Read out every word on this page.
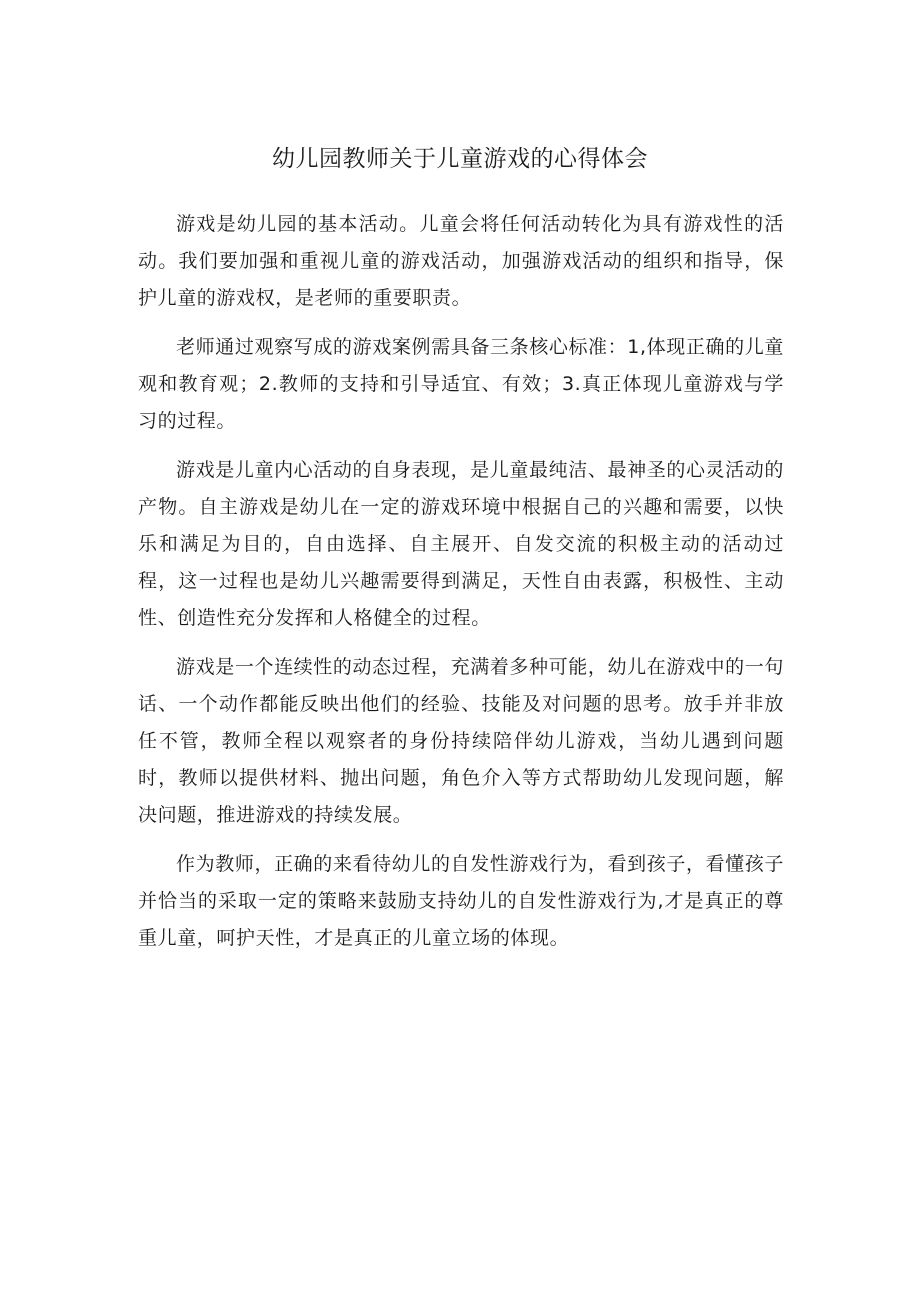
幼儿园教师关于儿童游戏的心得体会

游戏是幼儿园的基本活动。儿童会将任何活动转化为具有游戏性的活动。我们要加强和重视儿童的游戏活动，加强游戏活动的组织和指导，保护儿童的游戏权，是老师的重要职责。

老师通过观察写成的游戏案例需具备三条核心标准：1,体现正确的儿童观和教育观；2.教师的支持和引导适宜、有效；3.真正体现儿童游戏与学习的过程。

游戏是儿童内心活动的自身表现，是儿童最纯洁、最神圣的心灵活动的产物。自主游戏是幼儿在一定的游戏环境中根据自己的兴趣和需要，以快乐和满足为目的，自由选择、自主展开、自发交流的积极主动的活动过程，这一过程也是幼儿兴趣需要得到满足，天性自由表露，积极性、主动性、创造性充分发挥和人格健全的过程。

游戏是一个连续性的动态过程，充满着多种可能，幼儿在游戏中的一句话、一个动作都能反映出他们的经验、技能及对问题的思考。放手并非放任不管，教师全程以观察者的身份持续陪伴幼儿游戏，当幼儿遇到问题时，教师以提供材料、抛出问题，角色介入等方式帮助幼儿发现问题，解决问题，推进游戏的持续发展。

作为教师，正确的来看待幼儿的自发性游戏行为，看到孩子，看懂孩子并恰当的采取一定的策略来鼓励支持幼儿的自发性游戏行为,才是真正的尊重儿童，呵护天性，才是真正的儿童立场的体现。
